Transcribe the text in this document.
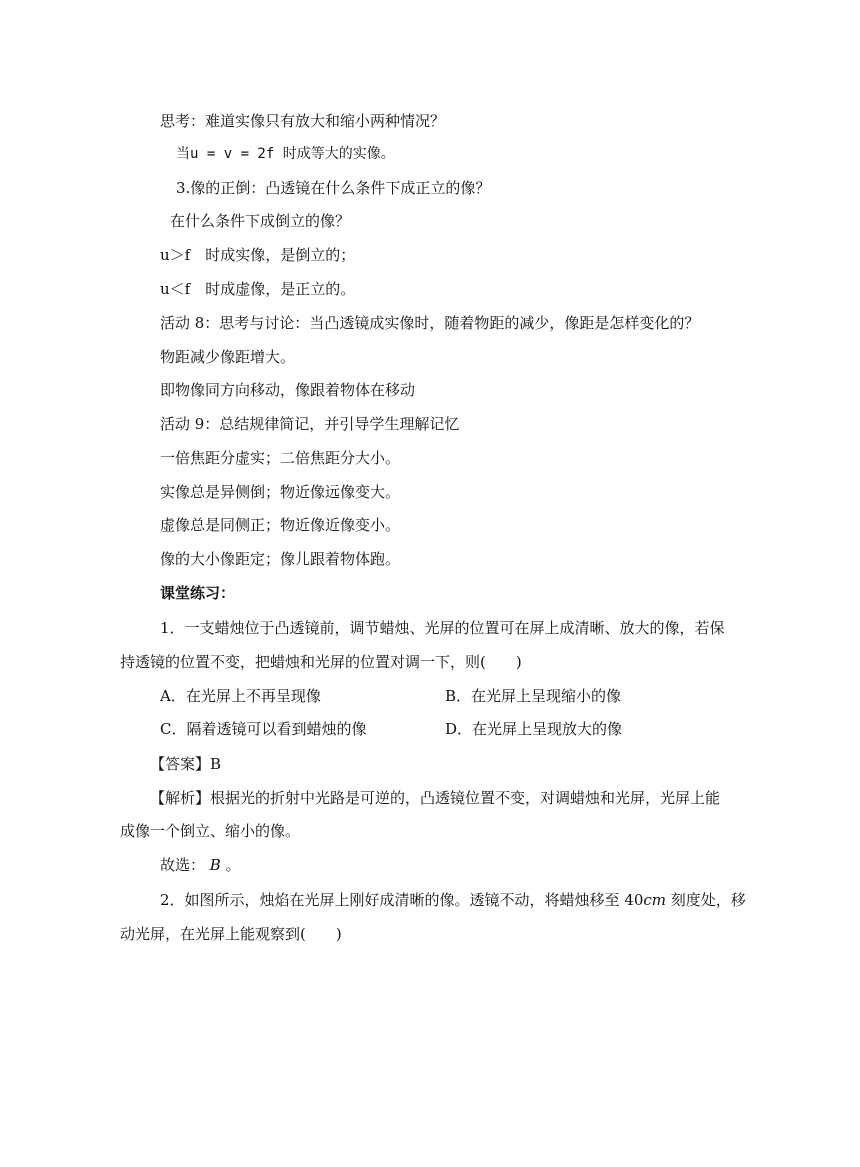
思考：难道实像只有放大和缩小两种情况？
当u = v = 2f 时成等大的实像。
3.像的正倒：凸透镜在什么条件下成正立的像？
在什么条件下成倒立的像？
u＞f　时成实像，是倒立的；
u＜f　时成虚像，是正立的。
活动 8：思考与讨论：当凸透镜成实像时，随着物距的减少，像距是怎样变化的？
物距减少像距增大。
即物像同方向移动，像跟着物体在移动
活动 9：总结规律简记，并引导学生理解记忆
一倍焦距分虚实；二倍焦距分大小。
实像总是异侧倒；物近像远像变大。
虚像总是同侧正；物近像近像变小。
像的大小像距定；像儿跟着物体跑。
课堂练习：
1．一支蜡烛位于凸透镜前，调节蜡烛、光屏的位置可在屏上成清晰、放大的像，若保
持透镜的位置不变，把蜡烛和光屏的位置对调一下，则(　　)
A．在光屏上不再呈现像	B．在光屏上呈现缩小的像
C．隔着透镜可以看到蜡烛的像	D．在光屏上呈现放大的像
【答案】B
【解析】根据光的折射中光路是可逆的，凸透镜位置不变，对调蜡烛和光屏，光屏上能
成像一个倒立、缩小的像。
故选： B 。
2．如图所示，烛焰在光屏上刚好成清晰的像。透镜不动，将蜡烛移至 40cm 刻度处，移
动光屏，在光屏上能观察到(　　)
